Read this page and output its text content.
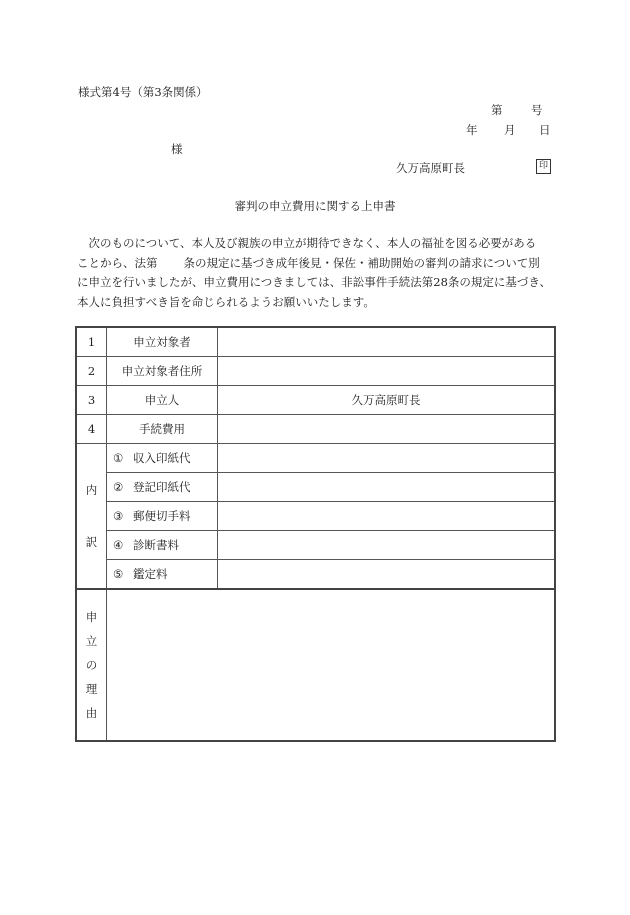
様式第4号（第3条関係）
第 号
年 月 日
様
久万高原町長	印
審判の申立費用に関する上申書
　次のものについて、本人及び親族の申立が期待できなく、本人の福祉を図る必要がある
ことから、法第 条の規定に基づき成年後見・保佐・補助開始の審判の請求について別
に申立を行いましたが、申立費用につきましては、非訟事件手続法第28条の規定に基づき、
本人に負担すべき旨を命じられるようお願いいたします。
1	申立対象者	
2	申立対象者住所	
3	申立人	久万高原町長
4	手続費用	

内
訳	① 収入印紙代	
	② 登記印紙代	
	③ 郵便切手料	
	④ 診断書料	
	⑤ 鑑定料	

申
立
の
理
由		
